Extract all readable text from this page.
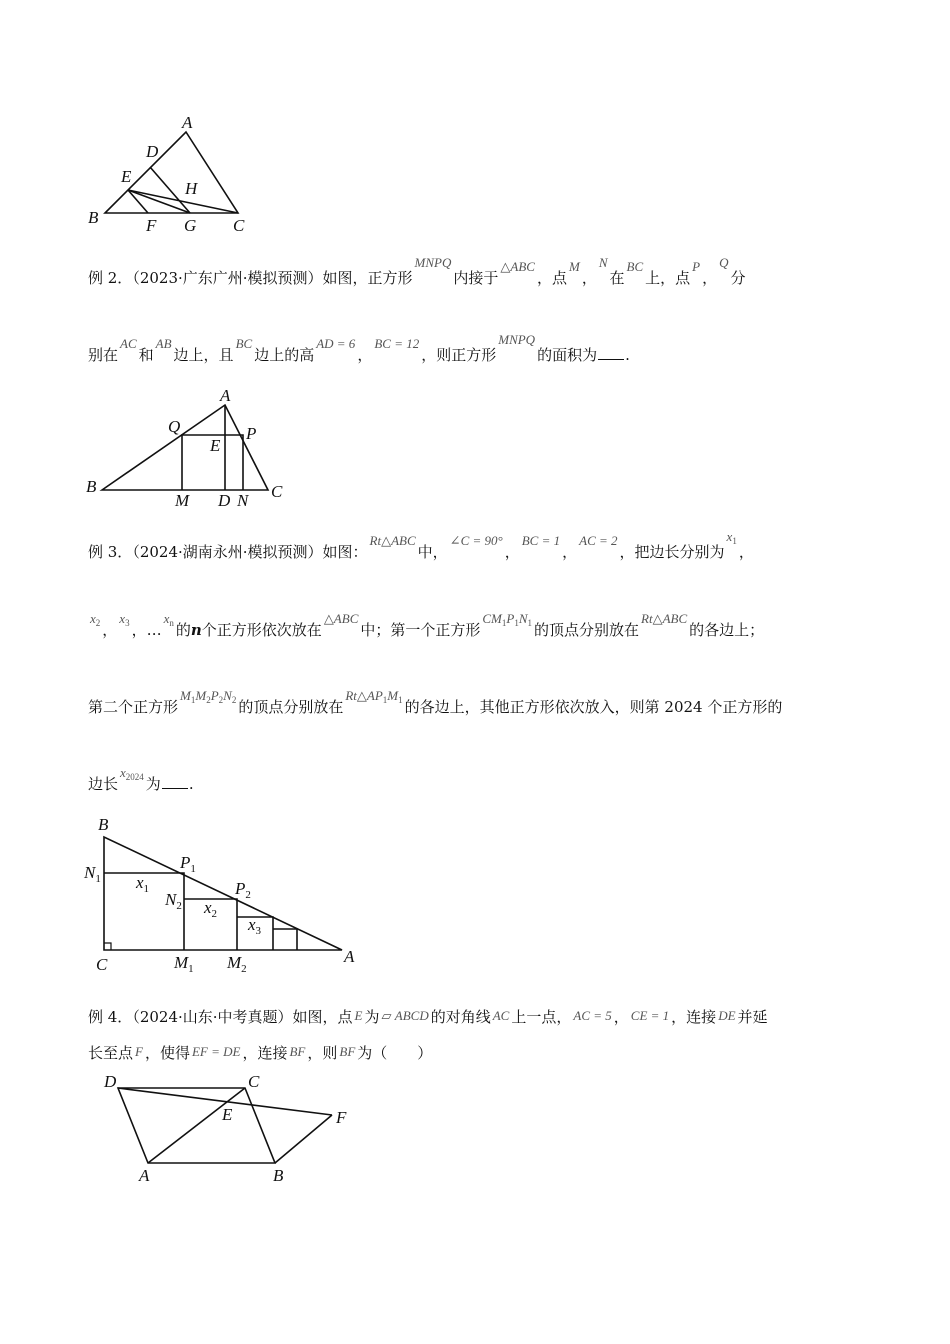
A
D
E
H
B	F G C
例 2．（2023·广东广州·模拟预测）如图，正方形MNPQ内接于△ABC，点M，N在BC上，点P，Q分
别在AC和AB边上，且BC边上的高AD = 6，BC = 12，则正方形MNPQ的面积为 .
A
Q	P
E
B
M D N C
例 3．（2024·湖南永州·模拟预测）如图：Rt△ABC中，∠C = 90°，BC = 1，AC = 2，把边长分别为$x_1$，
$x_2$ ，$x_3$ ，$\dots x_n$ 的n个正方形依次放在△ABC中；第一个正方形$CM_1P_1N_1$ 的顶点分别放在Rt△ABC的各边上；
第二个正方形$M_1M_2P_2N_2$ 的顶点分别放在$Rt\triangle AP_1M_1$ 的各边上，其他正方形依次放入，则第 2024 个正方形的
边长$x_{2024}$ 为 .
B
$N_1$
$P_1$
$x_1$
$N_2$
$P_2$
$x_2$
$x_3$
C	$M_1$ $M_2$
A
例 4．（2024·山东·中考真题）如图，点 E 为 ▱ ABCD 的对角线 AC 上一点， AC = 5 ， CE = 1 ，连接 DE 并延
长至点 F ，使得 EF = DE ，连接 BF ，则 BF 为（　　）
D	C
E	F
A	B
